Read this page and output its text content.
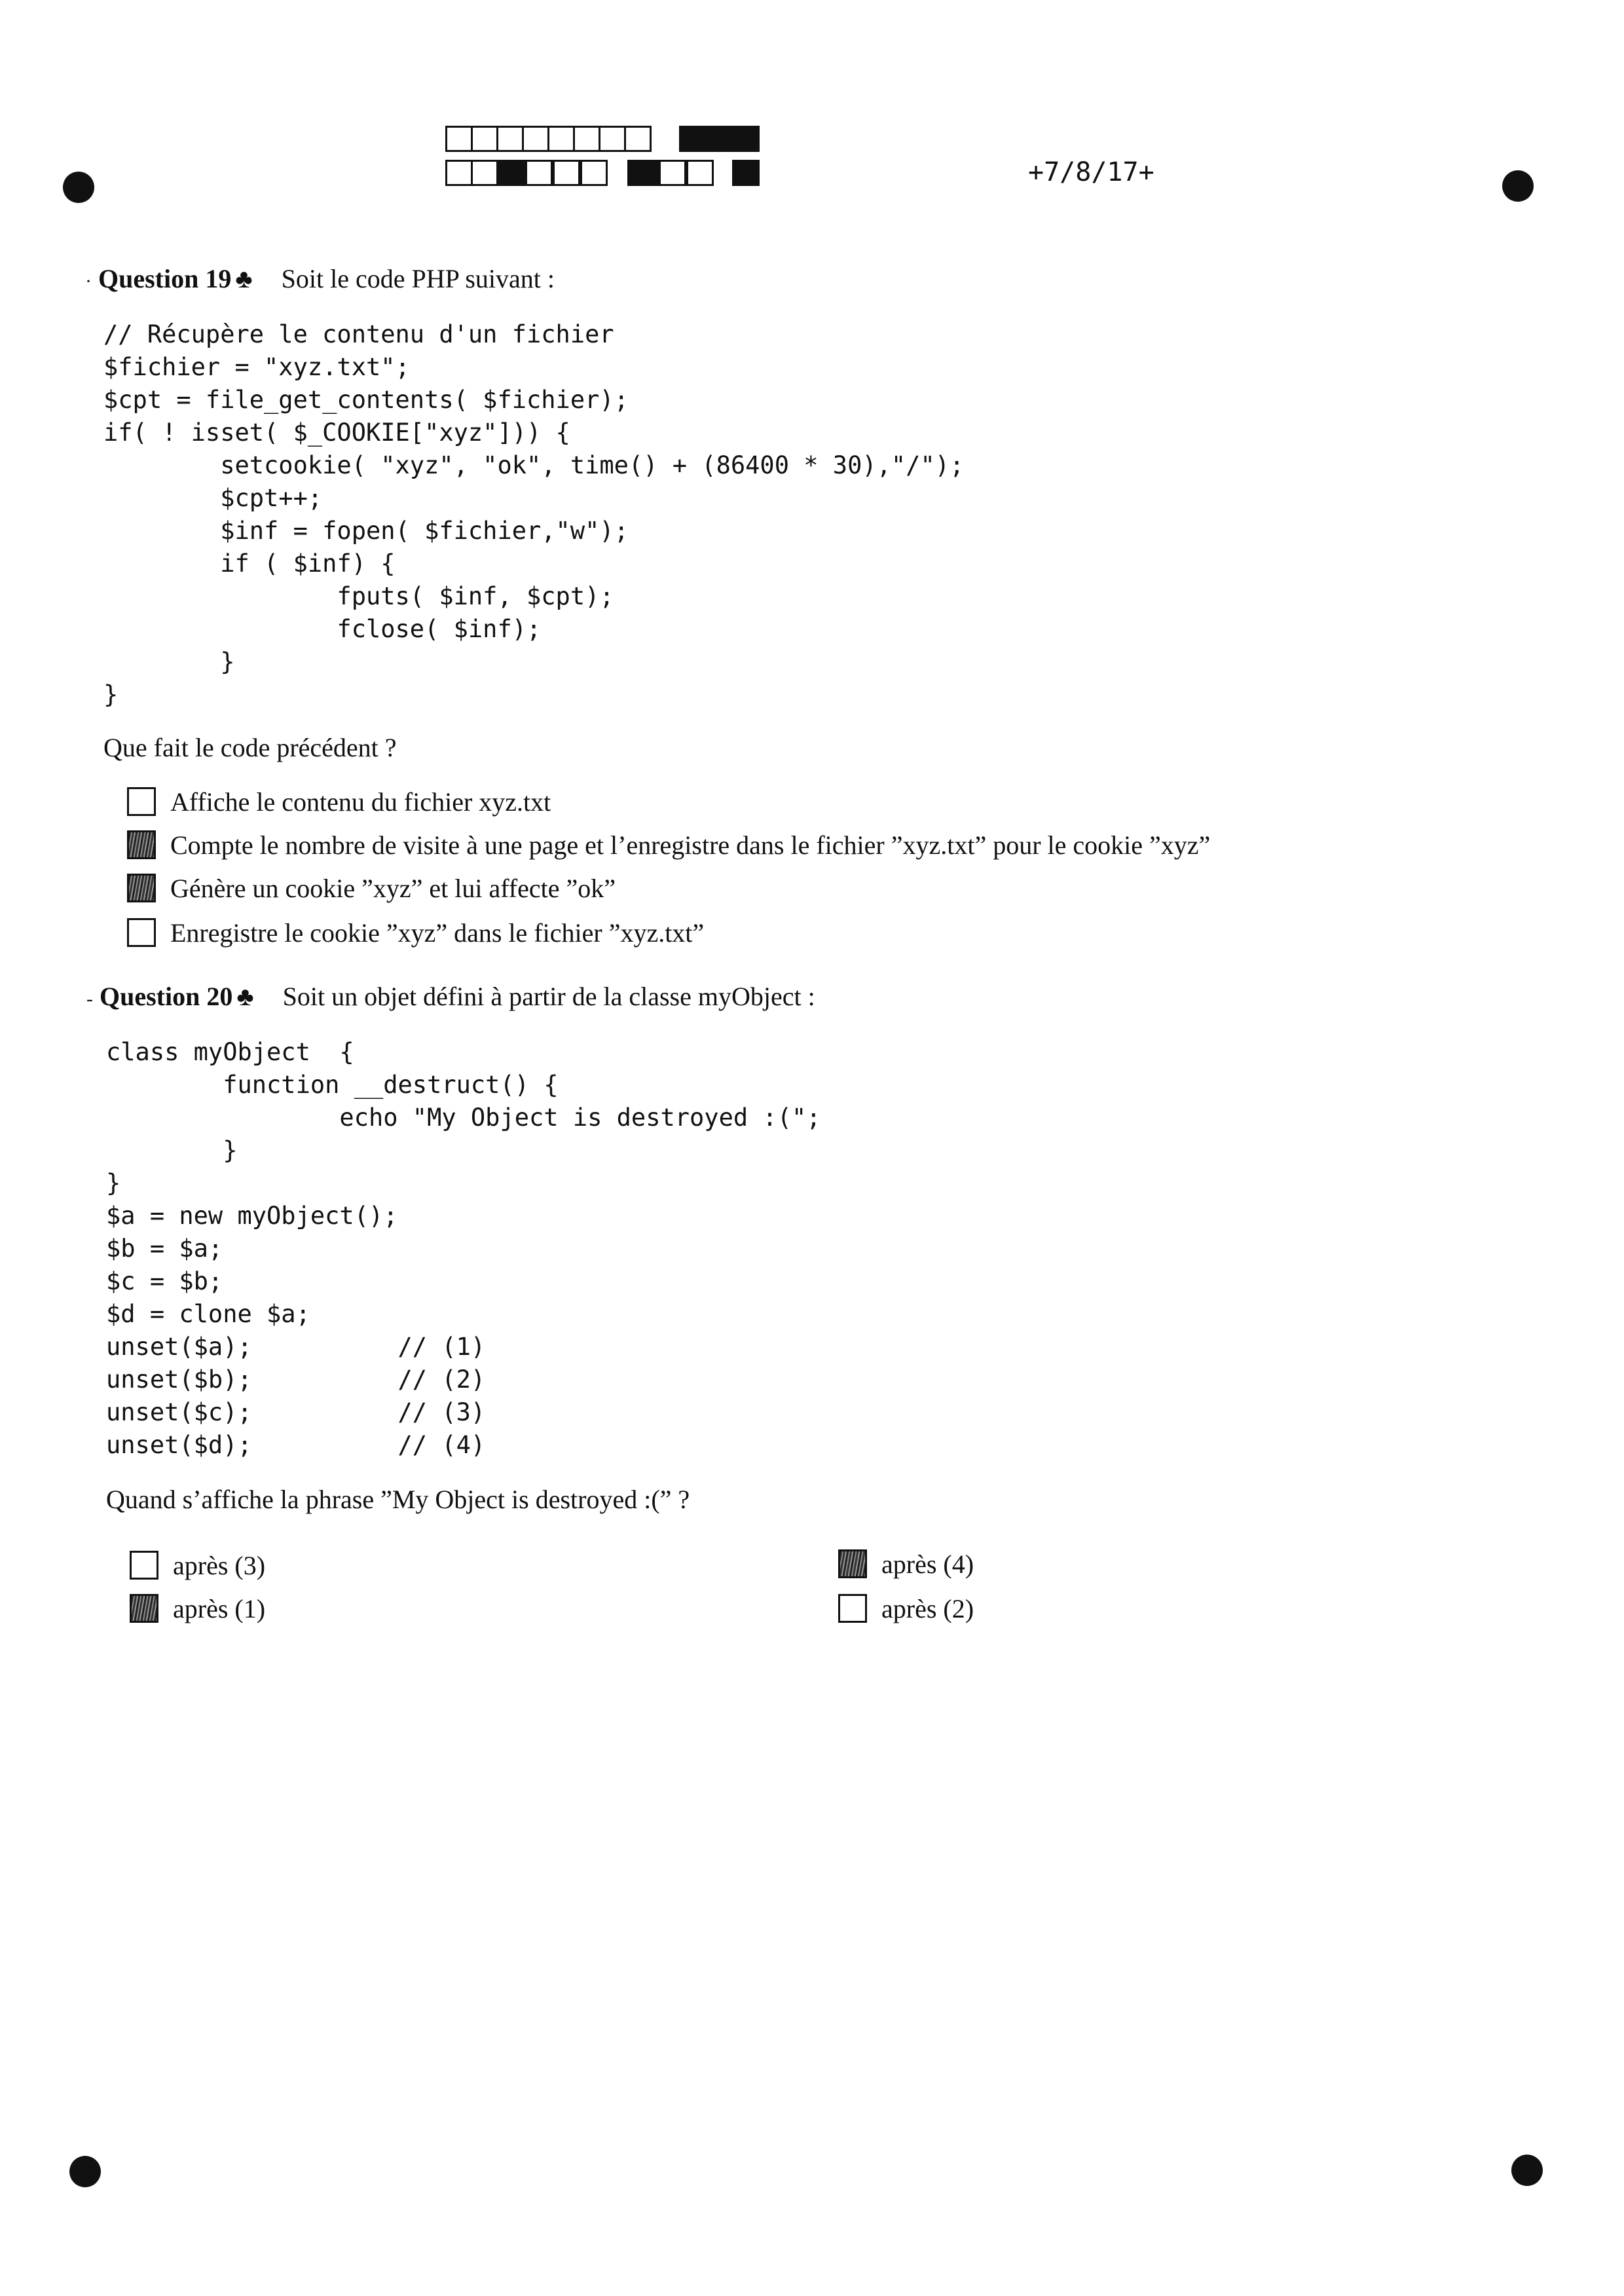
+7/8/17+
· Question 19 ♣ Soit le code PHP suivant :
// Récupère le contenu d'un fichier
$fichier = "xyz.txt";
$cpt = file_get_contents( $fichier);
if( ! isset( $_COOKIE["xyz"])) {
setcookie( "xyz", "ok", time() + (86400 * 30),"/");
$cpt++;
$inf = fopen( $fichier,"w");
if ( $inf) {
fputs( $inf, $cpt);
fclose( $inf);
}
}
Que fait le code précédent ?
Affiche le contenu du fichier xyz.txt
Compte le nombre de visite à une page et l’enregistre dans le fichier ”xyz.txt” pour le cookie ”xyz”
Génère un cookie ”xyz” et lui affecte ”ok”
Enregistre le cookie ”xyz” dans le fichier ”xyz.txt”
- Question 20 ♣ Soit un objet défini à partir de la classe myObject :
class myObject  {
function __destruct() {
echo "My Object is destroyed :(";
}
}
$a = new myObject();
$b = $a;
$c = $b;
$d = clone $a;
unset($a);          // (1)
unset($b);          // (2)
unset($c);          // (3)
unset($d);          // (4)
Quand s’affiche la phrase ”My Object is destroyed :(” ?
après (3)	après (4)
après (1)	après (2)
